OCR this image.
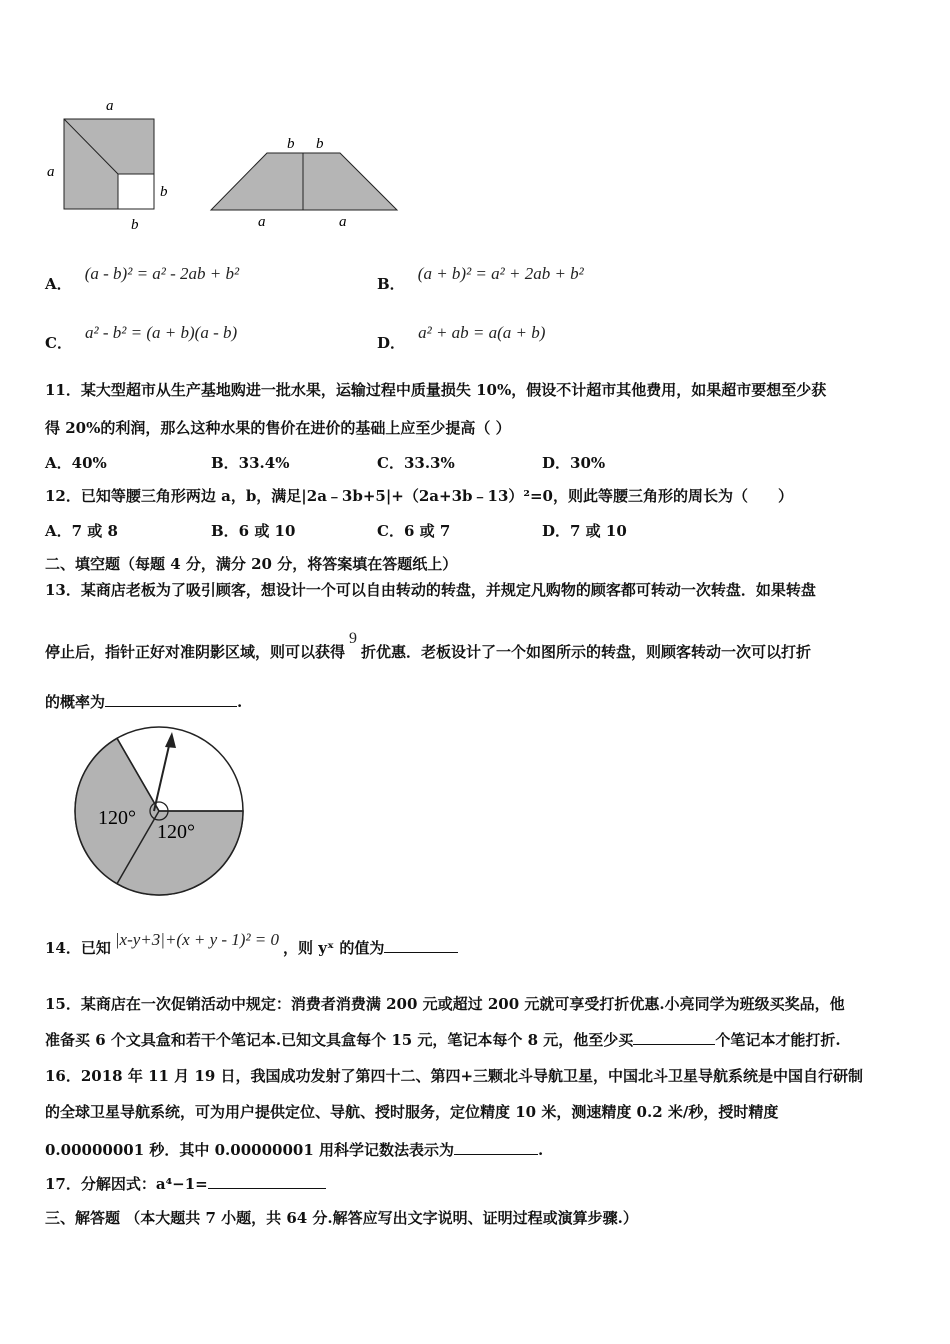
a
a
b
b
b b
a	a
A． (a - b)² = a² - 2ab + b²
B． (a + b)² = a² + 2ab + b²
C． a² - b² = (a + b)(a - b)
D． a² + ab = a(a + b)
11．某大型超市从生产基地购进一批水果，运输过程中质量损失 10%，假设不计超市其他费用，如果超市要想至少获
得 20%的利润，那么这种水果的售价在进价的基础上应至少提高（ ）
A．40%	B．33.4%	C．33.3%	D．30%
12．已知等腰三角形两边 a，b，满足|2a﹣3b+5|+（2a+3b﹣13）²=0，则此等腰三角形的周长为（　　）
A．7 或 8	B．6 或 10	C．6 或 7	D．7 或 10
二、填空题（每题 4 分，满分 20 分，将答案填在答题纸上）
13．某商店老板为了吸引顾客，想设计一个可以自由转动的转盘，并规定凡购物的顾客都可转动一次转盘．如果转盘
停止后，指针正好对准阴影区域，则可以获得9折优惠．老板设计了一个如图所示的转盘，则顾客转动一次可以打折
的概率为	.
120°
120°
14．已知 |x-y+3|+(x + y - 1)² = 0 ，则 yˣ 的值为
15．某商店在一次促销活动中规定：消费者消费满 200 元或超过 200 元就可享受打折优惠.小亮同学为班级买奖品，他
准备买 6 个文具盒和若干个笔记本.已知文具盒每个 15 元，笔记本每个 8 元，他至少买	个笔记本才能打折.
16．2018 年 11 月 19 日，我国成功发射了第四十二、第四+三颗北斗导航卫星，中国北斗卫星导航系统是中国自行研制
的全球卫星导航系统，可为用户提供定位、导航、授时服务，定位精度 10 米，测速精度 0.2 米/秒，授时精度
0.00000001 秒．其中 0.00000001 用科学记数法表示为	.
17．分解因式：a⁴−1=
三、解答题 （本大题共 7 小题，共 64 分.解答应写出文字说明、证明过程或演算步骤.）
